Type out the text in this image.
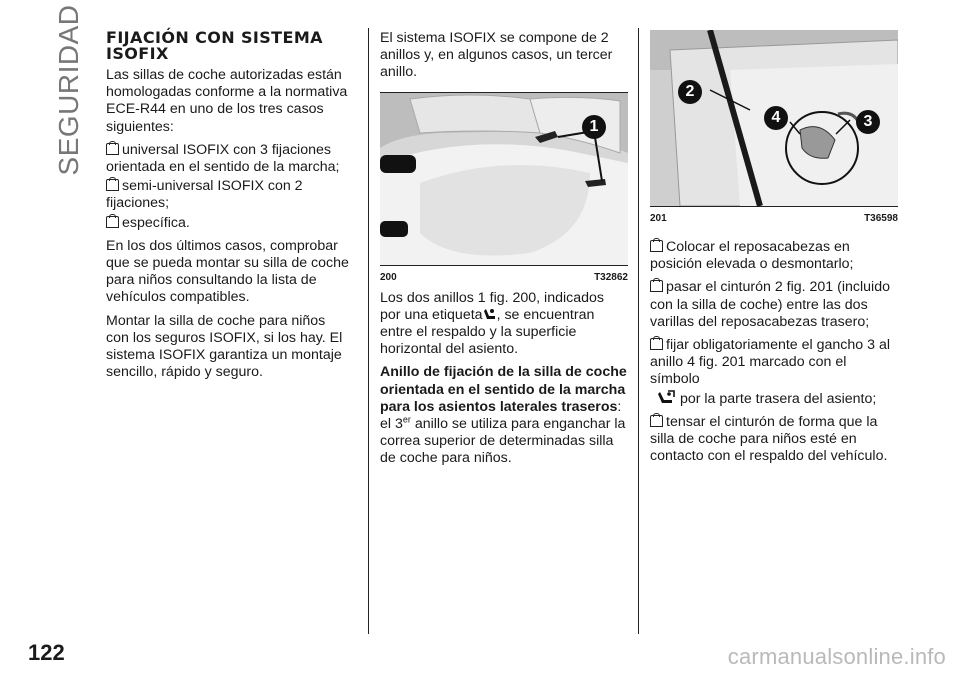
SEGURIDAD FIJACIÓN CON SISTEMA ISOFIX

Las sillas de coche autorizadas están homologadas conforme a la normativa ECE-R44 en uno de los tres casos siguientes:

universal ISOFIX con 3 fijaciones orientada en el sentido de la marcha;

semi-universal ISOFIX con 2 fijaciones;

específica.

En los dos últimos casos, comprobar que se pueda montar su silla de coche para niños consultando la lista de vehículos compatibles.

Montar la silla de coche para niños con los seguros ISOFIX, si los hay. El sistema ISOFIX garantiza un montaje sencillo, rápido y seguro.

El sistema ISOFIX se compone de 2 anillos y, en algunos casos, un tercer anillo.

1
200	T32862

Los dos anillos 1 fig. 200, indicados por una etiqueta , se encuentran entre el respaldo y la superficie horizontal del asiento.

Anillo de fijación de la silla de coche orientada en el sentido de la marcha para los asientos laterales traseros: el 3er anillo se utiliza para enganchar la correa superior de determinadas silla de coche para niños.

2
4	3
201	T36598

Colocar el reposacabezas en posición elevada o desmontarlo;

pasar el cinturón 2 fig. 201 (incluido con la silla de coche) entre las dos varillas del reposacabezas trasero;

fijar obligatoriamente el gancho 3 al anillo 4 fig. 201 marcado con el símbolo

por la parte trasera del asiento;

tensar el cinturón de forma que la silla de coche para niños esté en contacto con el respaldo del vehículo.

122	carmanualsonline.info
